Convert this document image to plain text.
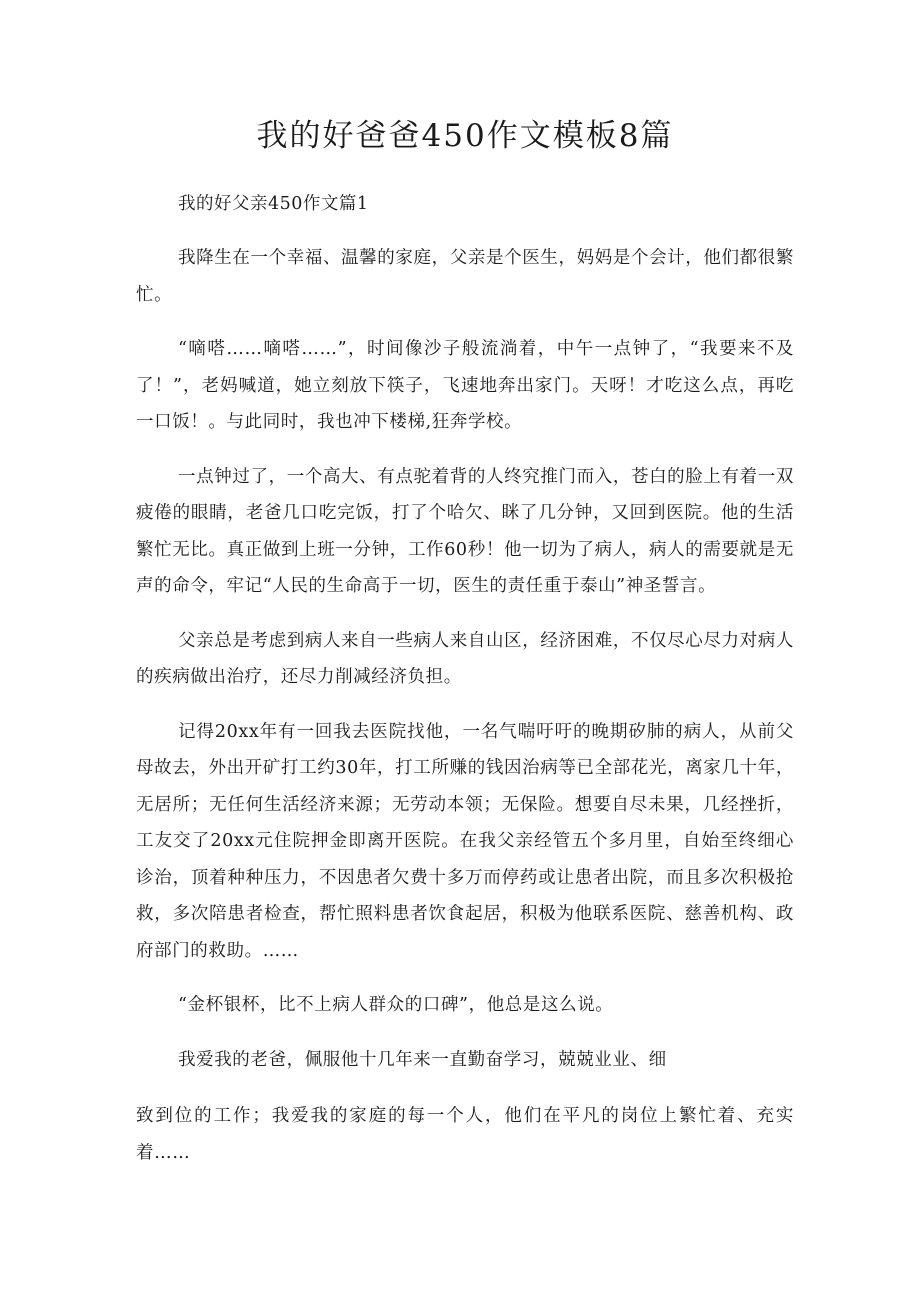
我的好爸爸450作文模板8篇

我的好父亲450作文篇1

我降生在一个幸福、温馨的家庭，父亲是个医生，妈妈是个会计，他们都很繁忙。

“嘀嗒……嘀嗒……”，时间像沙子般流淌着，中午一点钟了，“我要来不及了！”，老妈喊道，她立刻放下筷子，飞速地奔出家门。天呀！才吃这么点，再吃一口饭！。与此同时，我也冲下楼梯,狂奔学校。

一点钟过了，一个高大、有点驼着背的人终究推门而入，苍白的脸上有着一双疲倦的眼睛，老爸几口吃完饭，打了个哈欠、眯了几分钟，又回到医院。他的生活繁忙无比。真正做到上班一分钟，工作60秒！他一切为了病人，病人的需要就是无声的命令，牢记“人民的生命高于一切，医生的责任重于泰山”神圣誓言。

父亲总是考虑到病人来自一些病人来自山区，经济困难，不仅尽心尽力对病人的疾病做出治疗，还尽力削减经济负担。

记得20xx年有一回我去医院找他，一名气喘吁吁的晚期矽肺的病人，从前父母故去，外出开矿打工约30年，打工所赚的钱因治病等已全部花光，离家几十年，无居所；无任何生活经济来源；无劳动本领；无保险。想要自尽未果，几经挫折，工友交了20xx元住院押金即离开医院。在我父亲经管五个多月里，自始至终细心诊治，顶着种种压力，不因患者欠费十多万而停药或让患者出院，而且多次积极抢救，多次陪患者检查，帮忙照料患者饮食起居，积极为他联系医院、慈善机构、政府部门的救助。……

“金杯银杯，比不上病人群众的口碑”，他总是这么说。

我爱我的老爸，佩服他十几年来一直勤奋学习，兢兢业业、细

致到位的工作；我爱我的家庭的每一个人，他们在平凡的岗位上繁忙着、充实着……
